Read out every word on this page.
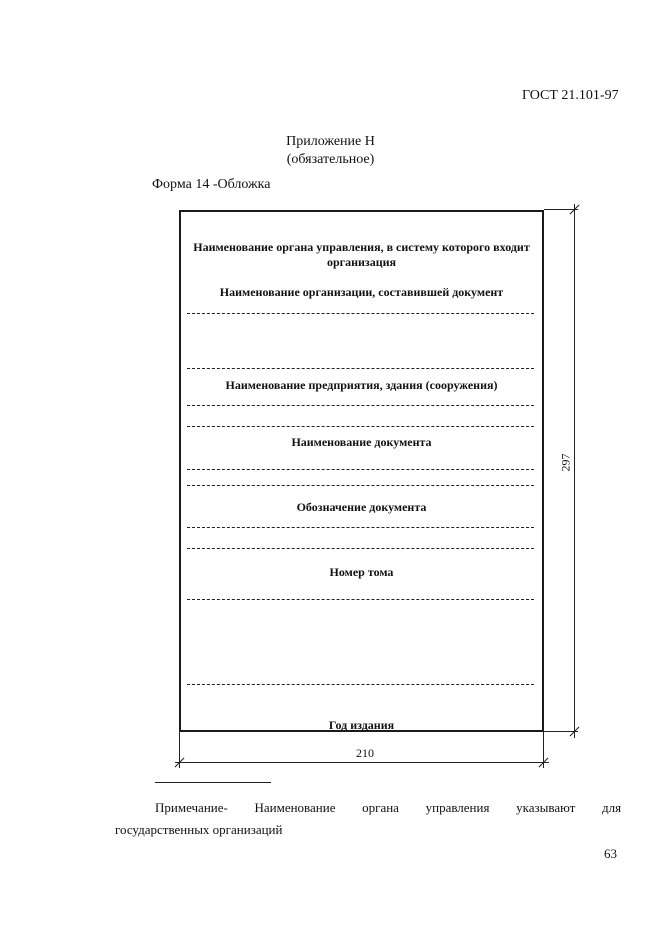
ГОСТ 21.101-97
Приложение Н
(обязательное)
Форма 14 -Обложка
Наименование органа управления, в систему которого входит организация
Наименование организации, составившей документ
Наименование предприятия, здания (сооружения)
Наименование документа
Обозначение документа
Номер тома
Год издания
297
210
Примечание- Наименование органа управления указывают для
государственных организаций
63
